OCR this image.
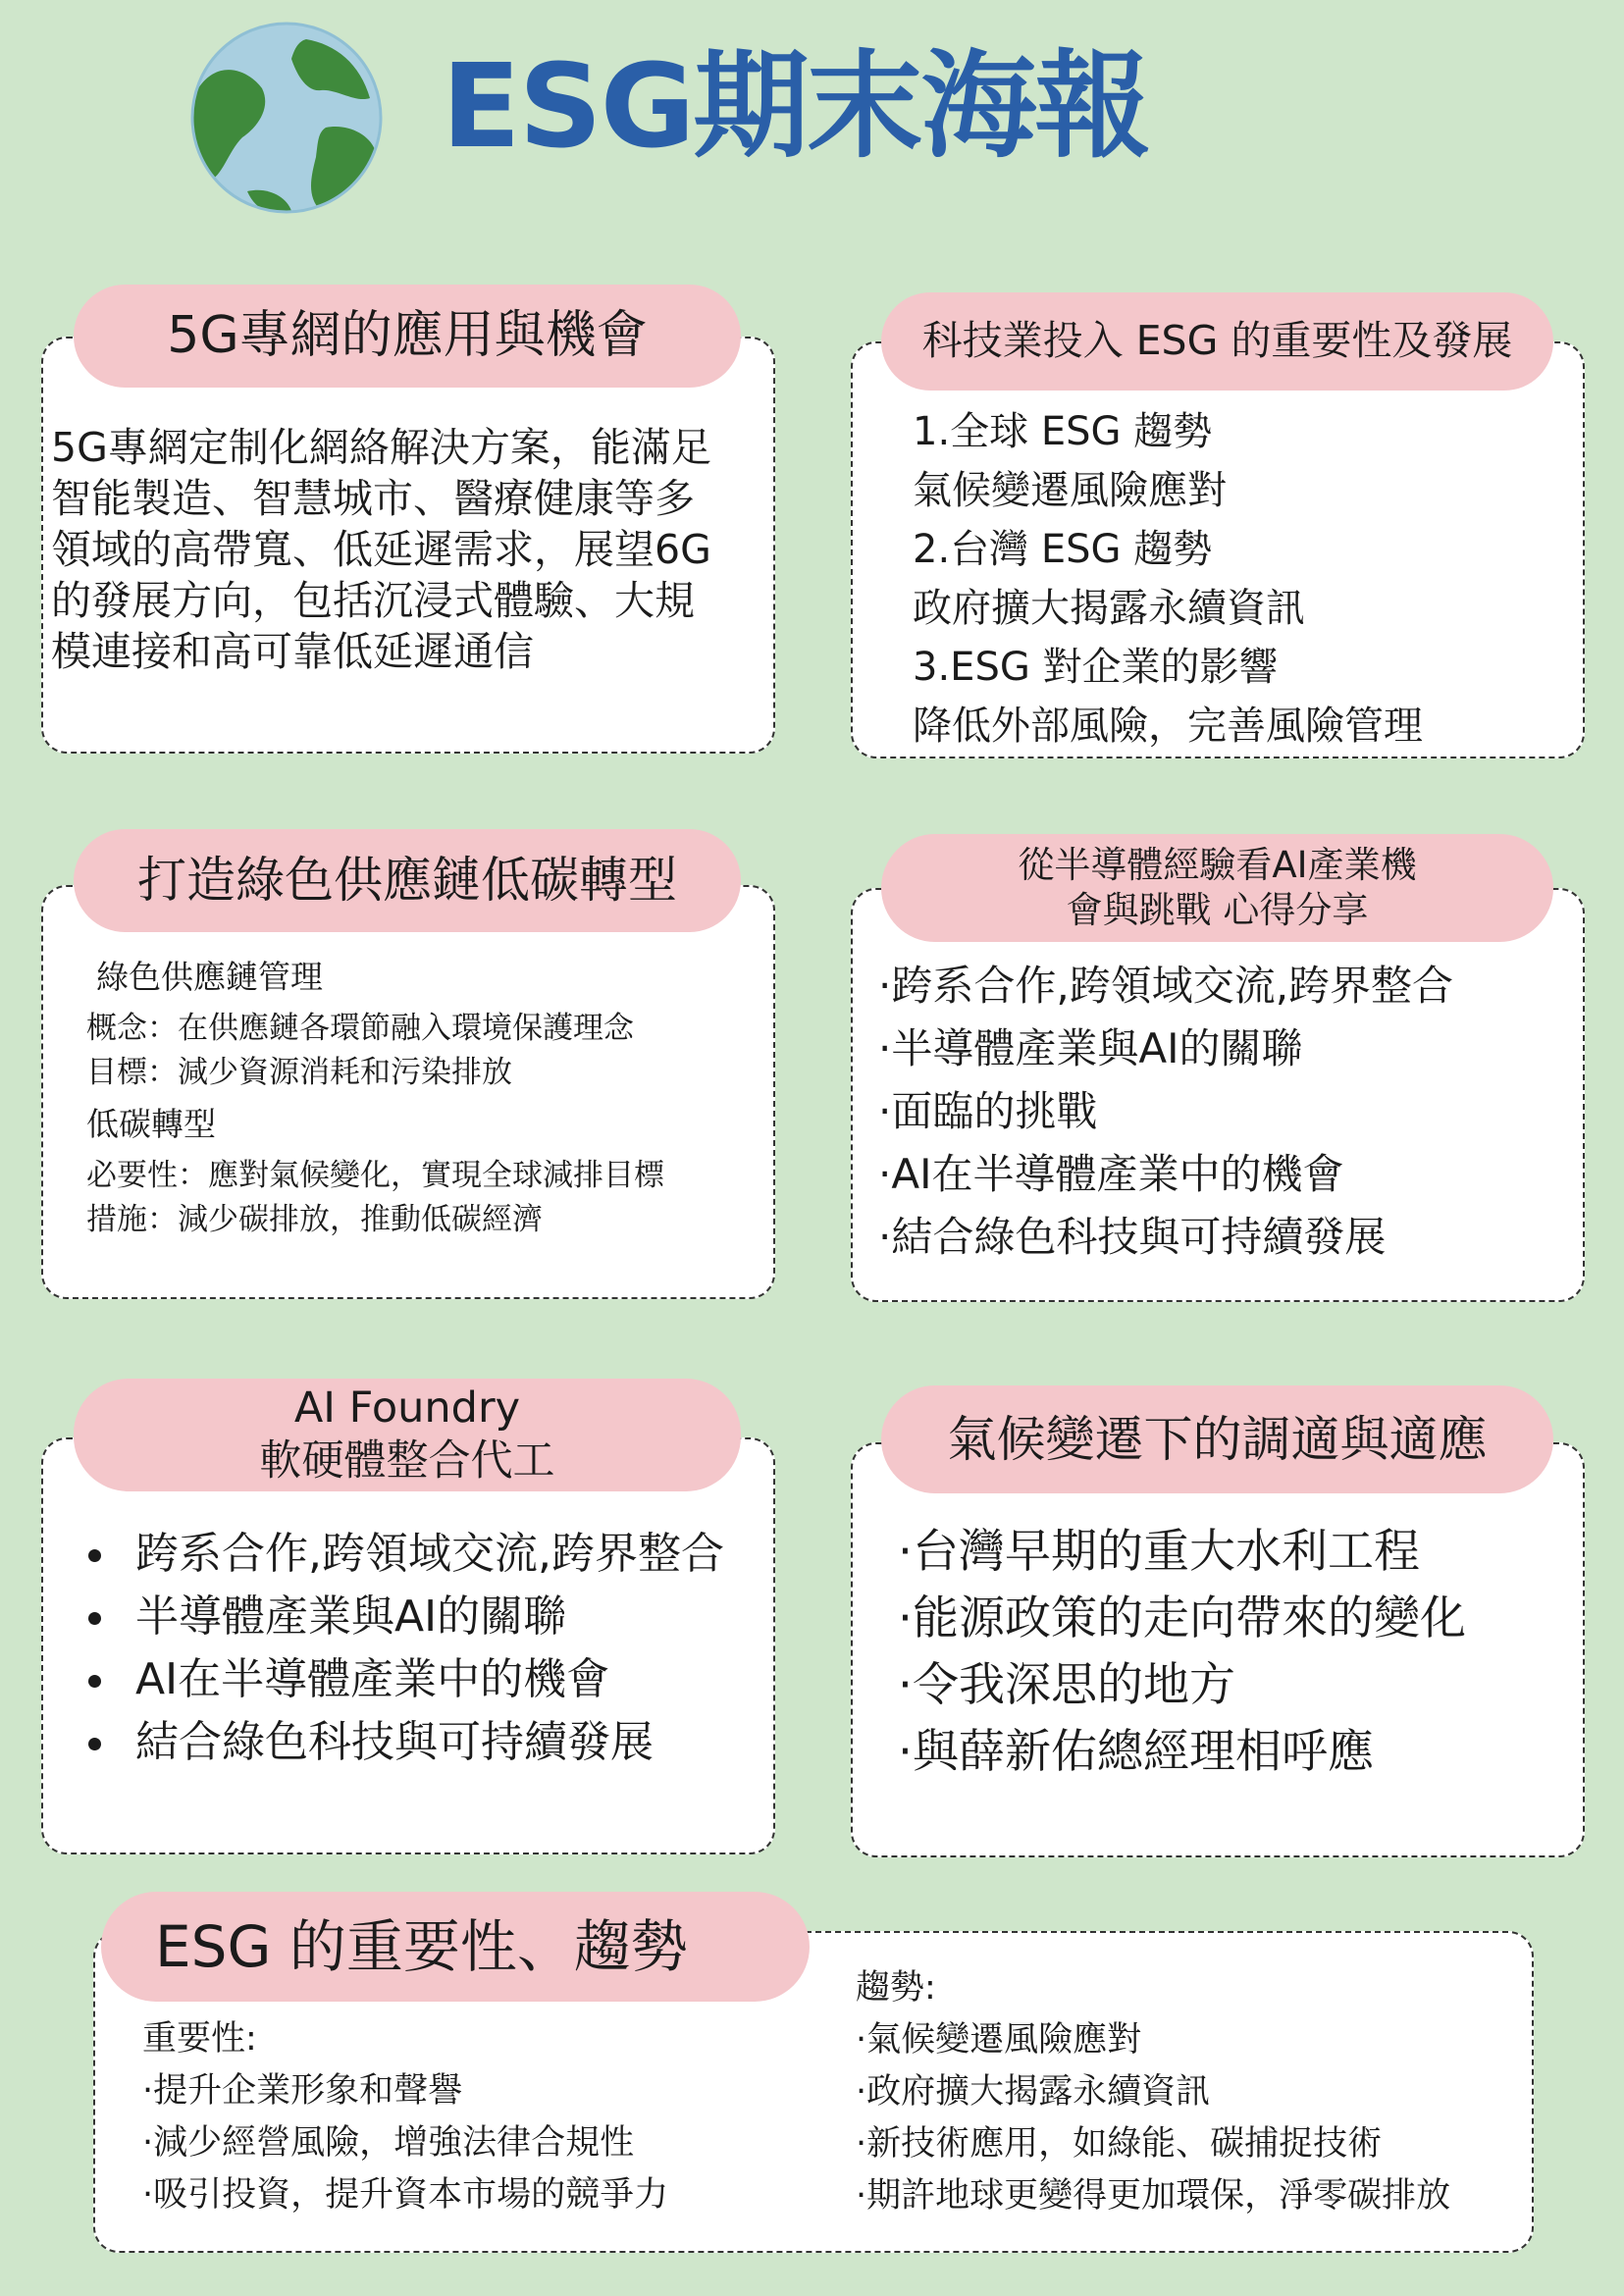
ESG期末海報
5G專網的應用與機會
5G專網定制化網絡解決方案，能滿足
智能製造、智慧城市、醫療健康等多
領域的高帶寬、低延遲需求，展望6G
的發展方向，包括沉浸式體驗、大規
模連接和高可靠低延遲通信
科技業投入 ESG 的重要性及發展
1.全球 ESG 趨勢
氣候變遷風險應對
2.台灣 ESG 趨勢
政府擴大揭露永續資訊
3.ESG 對企業的影響
降低外部風險，完善風險管理
打造綠色供應鏈低碳轉型
綠色供應鏈管理
概念：在供應鏈各環節融入環境保護理念
目標：減少資源消耗和污染排放
低碳轉型
必要性：應對氣候變化，實現全球減排目標
措施：減少碳排放，推動低碳經濟
從半導體經驗看AI產業機
會與跳戰 心得分享
·跨系合作,跨領域交流,跨界整合
·半導體產業與AI的關聯
·面臨的挑戰
·AI在半導體產業中的機會
·結合綠色科技與可持續發展
AI Foundry
軟硬體整合代工
跨系合作,跨領域交流,跨界整合
半導體產業與AI的關聯
AI在半導體產業中的機會
結合綠色科技與可持續發展
氣候變遷下的調適與適應
·台灣早期的重大水利工程
·能源政策的走向帶來的變化
·令我深思的地方
·與薛新佑總經理相呼應
ESG 的重要性、趨勢
重要性:
·提升企業形象和聲譽
·減少經營風險，增強法律合規性
·吸引投資，提升資本市場的競爭力
趨勢:
·氣候變遷風險應對
·政府擴大揭露永續資訊
·新技術應用，如綠能、碳捕捉技術
·期許地球更變得更加環保，淨零碳排放
